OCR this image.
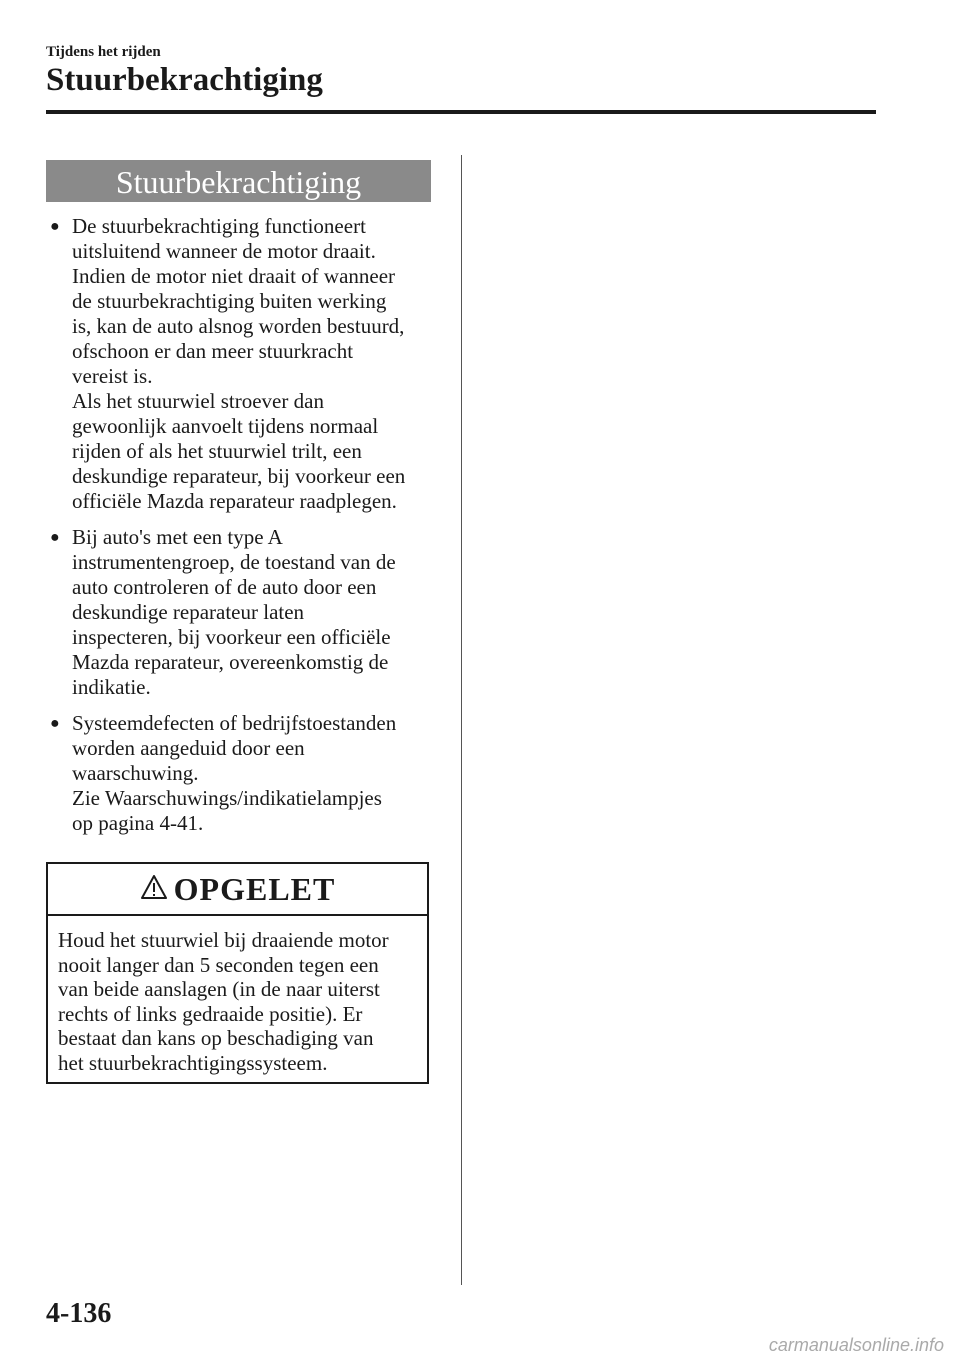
Tijdens het rijden
Stuurbekrachtiging
Stuurbekrachtiging
● De stuurbekrachtiging functioneert
uitsluitend wanneer de motor draait.
Indien de motor niet draait of wanneer
de stuurbekrachtiging buiten werking
is, kan de auto alsnog worden bestuurd,
ofschoon er dan meer stuurkracht
vereist is.
Als het stuurwiel stroever dan
gewoonlijk aanvoelt tijdens normaal
rijden of als het stuurwiel trilt, een
deskundige reparateur, bij voorkeur een
officiële Mazda reparateur raadplegen.
● Bij auto's met een type A
instrumentengroep, de toestand van de
auto controleren of de auto door een
deskundige reparateur laten
inspecteren, bij voorkeur een officiële
Mazda reparateur, overeenkomstig de
indikatie.
● Systeemdefecten of bedrijfstoestanden
worden aangeduid door een
waarschuwing.
Zie Waarschuwings/indikatielampjes
op pagina 4-41.
OPGELET
Houd het stuurwiel bij draaiende motor
nooit langer dan 5 seconden tegen een
van beide aanslagen (in de naar uiterst
rechts of links gedraaide positie). Er
bestaat dan kans op beschadiging van
het stuurbekrachtigingssysteem.
4-136
carmanualsonline.info
